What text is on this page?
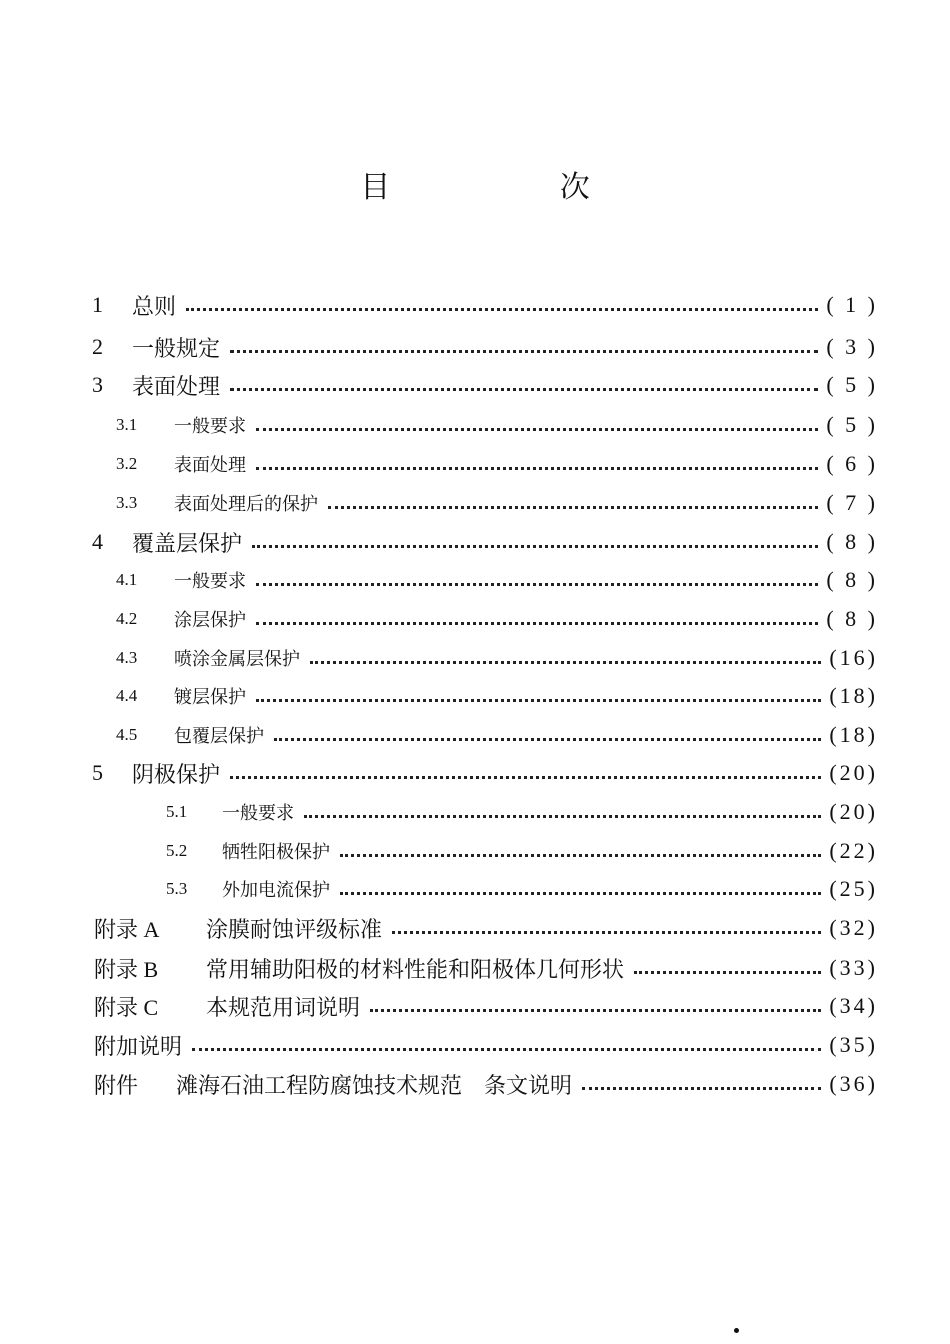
目 次
1	总则	( 1 )
2	一般规定	( 3 )
3	表面处理	( 5 )
3.1	一般要求	( 5 )
3.2	表面处理	( 6 )
3.3	表面处理后的保护	( 7 )
4	覆盖层保护	( 8 )
4.1	一般要求	( 8 )
4.2	涂层保护	( 8 )
4.3	喷涂金属层保护	(16)
4.4	镀层保护	(18)
4.5	包覆层保护	(18)
5	阴极保护	(20)
5.1	一般要求	(20)
5.2	牺牲阳极保护	(22)
5.3	外加电流保护	(25)
附录 A	涂膜耐蚀评级标准	(32)
附录 B	常用辅助阳极的材料性能和阳极体几何形状	(33)
附录 C	本规范用词说明	(34)
附加说明	(35)
附件	滩海石油工程防腐蚀技术规范　条文说明	(36)
